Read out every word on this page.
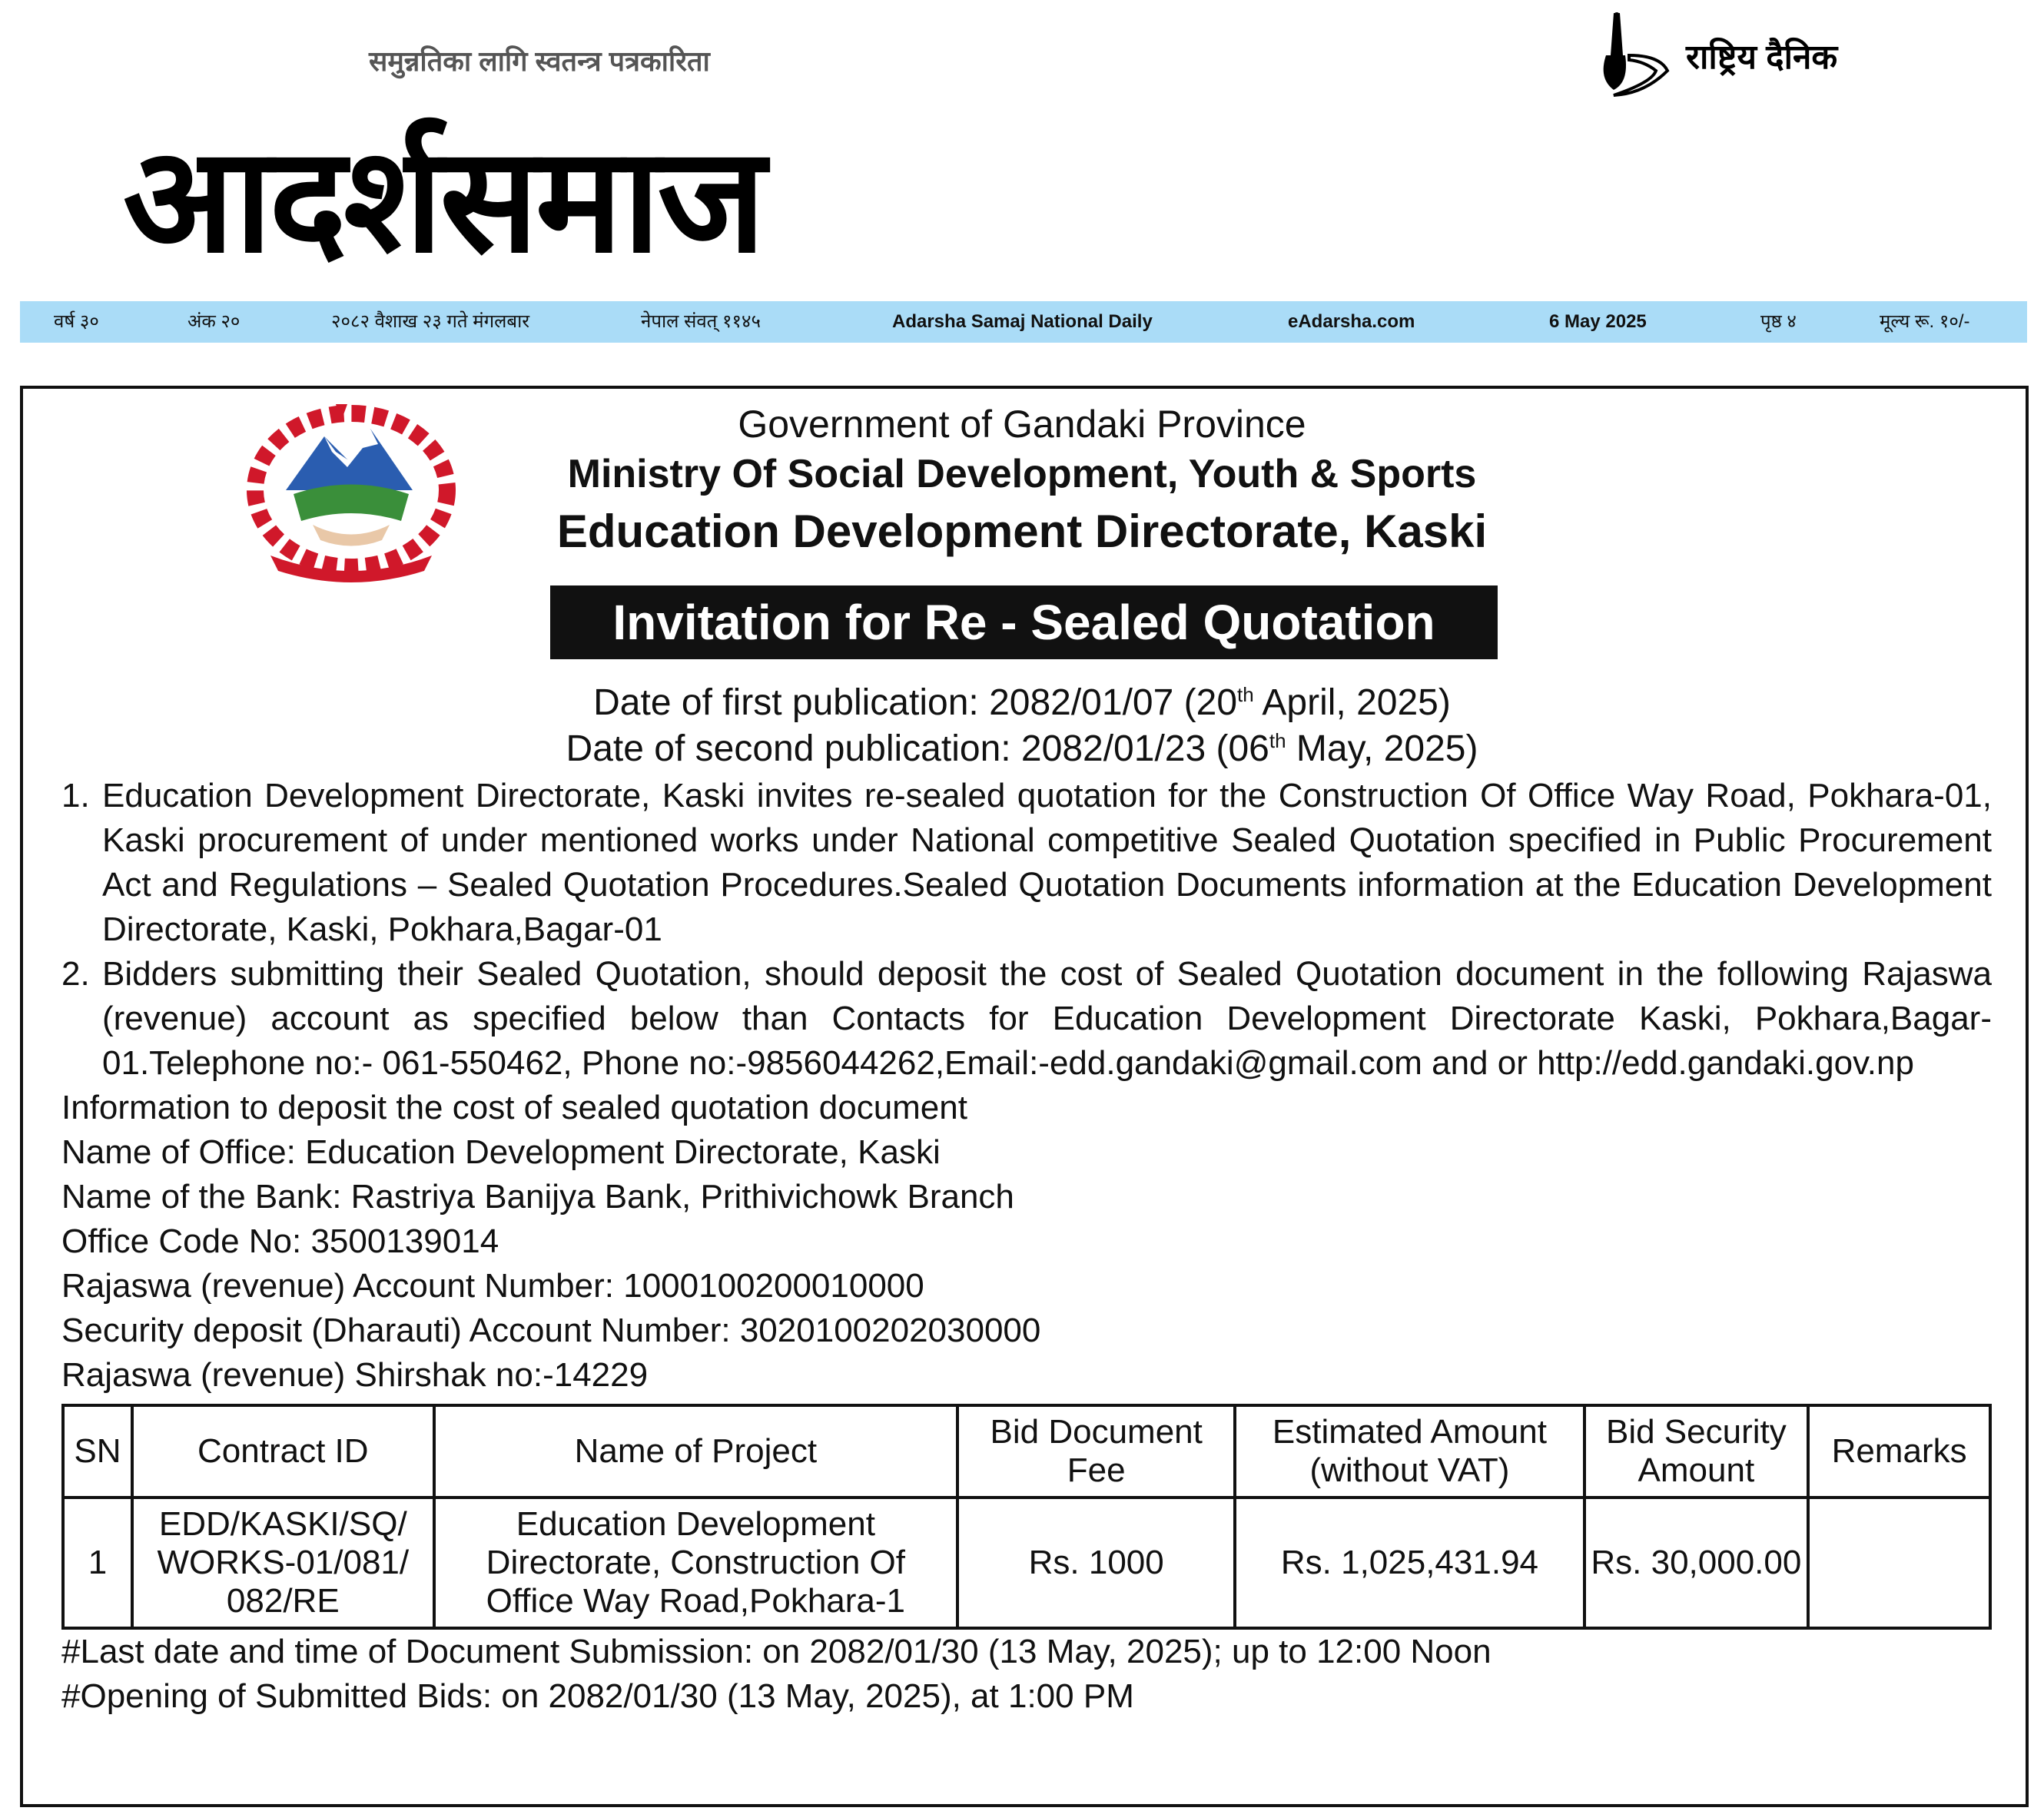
समुन्नतिका लागि स्वतन्त्र पत्रकारिता	राष्ट्रिय दैनिक
आदर्शसमाज
वर्ष ३०	अंक २०	२०८२ वैशाख २३ गते मंगलबार	नेपाल संवत् ११४५	Adarsha Samaj National Daily	eAdarsha.com	6 May 2025	पृष्ठ ४	मूल्य रू. १०/-
Government of Gandaki Province
Ministry Of Social Development, Youth & Sports
Education Development Directorate, Kaski
Invitation for Re - Sealed Quotation
Date of first publication: 2082/01/07 (20th April, 2025)
Date of second publication: 2082/01/23 (06th May, 2025)
1. Education Development Directorate, Kaski invites re-sealed quotation for the Construction Of Office Way Road, Pokhara-01, Kaski procurement of under mentioned works under National competitive Sealed Quotation specified in Public Procurement Act and Regulations – Sealed Quotation Procedures.Sealed Quotation Documents information at the Education Development Directorate, Kaski, Pokhara,Bagar-01
2. Bidders submitting their Sealed Quotation, should deposit the cost of Sealed Quotation document in the following Rajaswa (revenue) account as specified below than Contacts for Education Development Directorate Kaski, Pokhara,Bagar-01.Telephone no:- 061-550462, Phone no:-9856044262,Email:-edd.gandaki@gmail.com and or http://edd.gandaki.gov.np
Information to deposit the cost of sealed quotation document
Name of Office: Education Development Directorate, Kaski
Name of the Bank: Rastriya Banijya Bank, Prithivichowk Branch
Office Code No: 3500139014
Rajaswa (revenue) Account Number: 1000100200010000
Security deposit (Dharauti) Account Number: 3020100202030000
Rajaswa (revenue) Shirshak no:-14229
SN	Contract ID	Name of Project	Bid Document Fee	Estimated Amount (without VAT)	Bid Security Amount	Remarks
1	EDD/KASKI/SQ/ WORKS-01/081/ 082/RE	Education Development Directorate, Construction Of Office Way Road,Pokhara-1	Rs. 1000	Rs. 1,025,431.94	Rs. 30,000.00	
#Last date and time of Document Submission: on 2082/01/30 (13 May, 2025); up to 12:00 Noon
#Opening of Submitted Bids: on 2082/01/30 (13 May, 2025), at 1:00 PM
